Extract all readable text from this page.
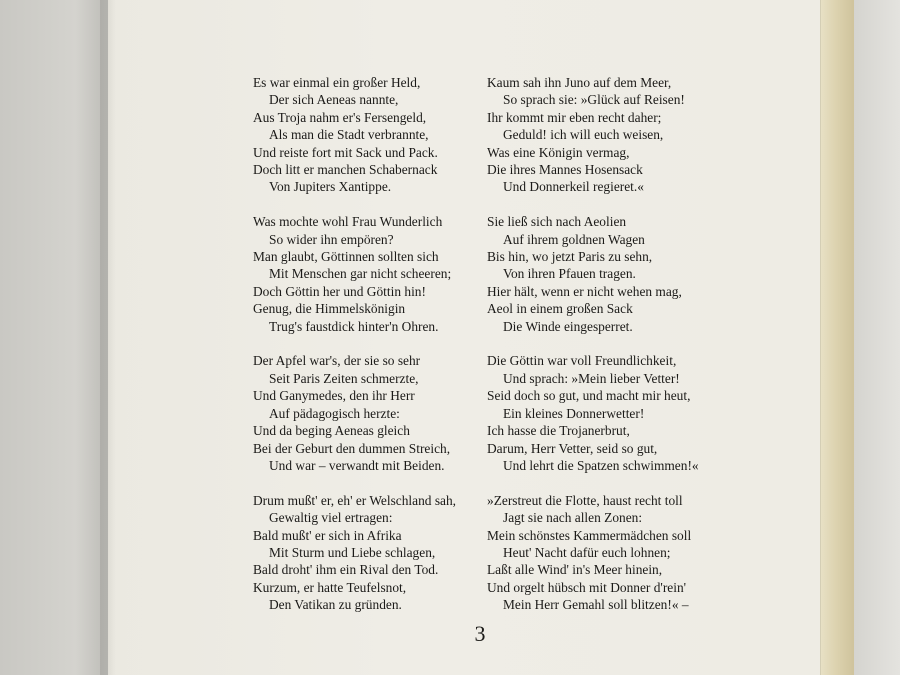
Es war einmal ein großer Held,
Der sich Aeneas nannte,
Aus Troja nahm er's Fersengeld,
Als man die Stadt verbrannte,
Und reiste fort mit Sack und Pack.
Doch litt er manchen Schabernack
Von Jupiters Xantippe.
Was mochte wohl Frau Wunderlich
So wider ihn empören?
Man glaubt, Göttinnen sollten sich
Mit Menschen gar nicht scheeren;
Doch Göttin her und Göttin hin!
Genug, die Himmelskönigin
Trug's faustdick hinter'n Ohren.
Der Apfel war's, der sie so sehr
Seit Paris Zeiten schmerzte,
Und Ganymedes, den ihr Herr
Auf pädagogisch herzte:
Und da beging Aeneas gleich
Bei der Geburt den dummen Streich,
Und war – verwandt mit Beiden.
Drum mußt' er, eh' er Welschland sah,
Gewaltig viel ertragen:
Bald mußt' er sich in Afrika
Mit Sturm und Liebe schlagen,
Bald droht' ihm ein Rival den Tod.
Kurzum, er hatte Teufelsnot,
Den Vatikan zu gründen.
Kaum sah ihn Juno auf dem Meer,
So sprach sie: »Glück auf Reisen!
Ihr kommt mir eben recht daher;
Geduld! ich will euch weisen,
Was eine Königin vermag,
Die ihres Mannes Hosensack
Und Donnerkeil regieret.«
Sie ließ sich nach Aeolien
Auf ihrem goldnen Wagen
Bis hin, wo jetzt Paris zu sehn,
Von ihren Pfauen tragen.
Hier hält, wenn er nicht wehen mag,
Aeol in einem großen Sack
Die Winde eingesperret.
Die Göttin war voll Freundlichkeit,
Und sprach: »Mein lieber Vetter!
Seid doch so gut, und macht mir heut,
Ein kleines Donnerwetter!
Ich hasse die Trojanerbrut,
Darum, Herr Vetter, seid so gut,
Und lehrt die Spatzen schwimmen!«
»Zerstreut die Flotte, haust recht toll
Jagt sie nach allen Zonen:
Mein schönstes Kammermädchen soll
Heut' Nacht dafür euch lohnen;
Laßt alle Wind' in's Meer hinein,
Und orgelt hübsch mit Donner d'rein'
Mein Herr Gemahl soll blitzen!« –
3
